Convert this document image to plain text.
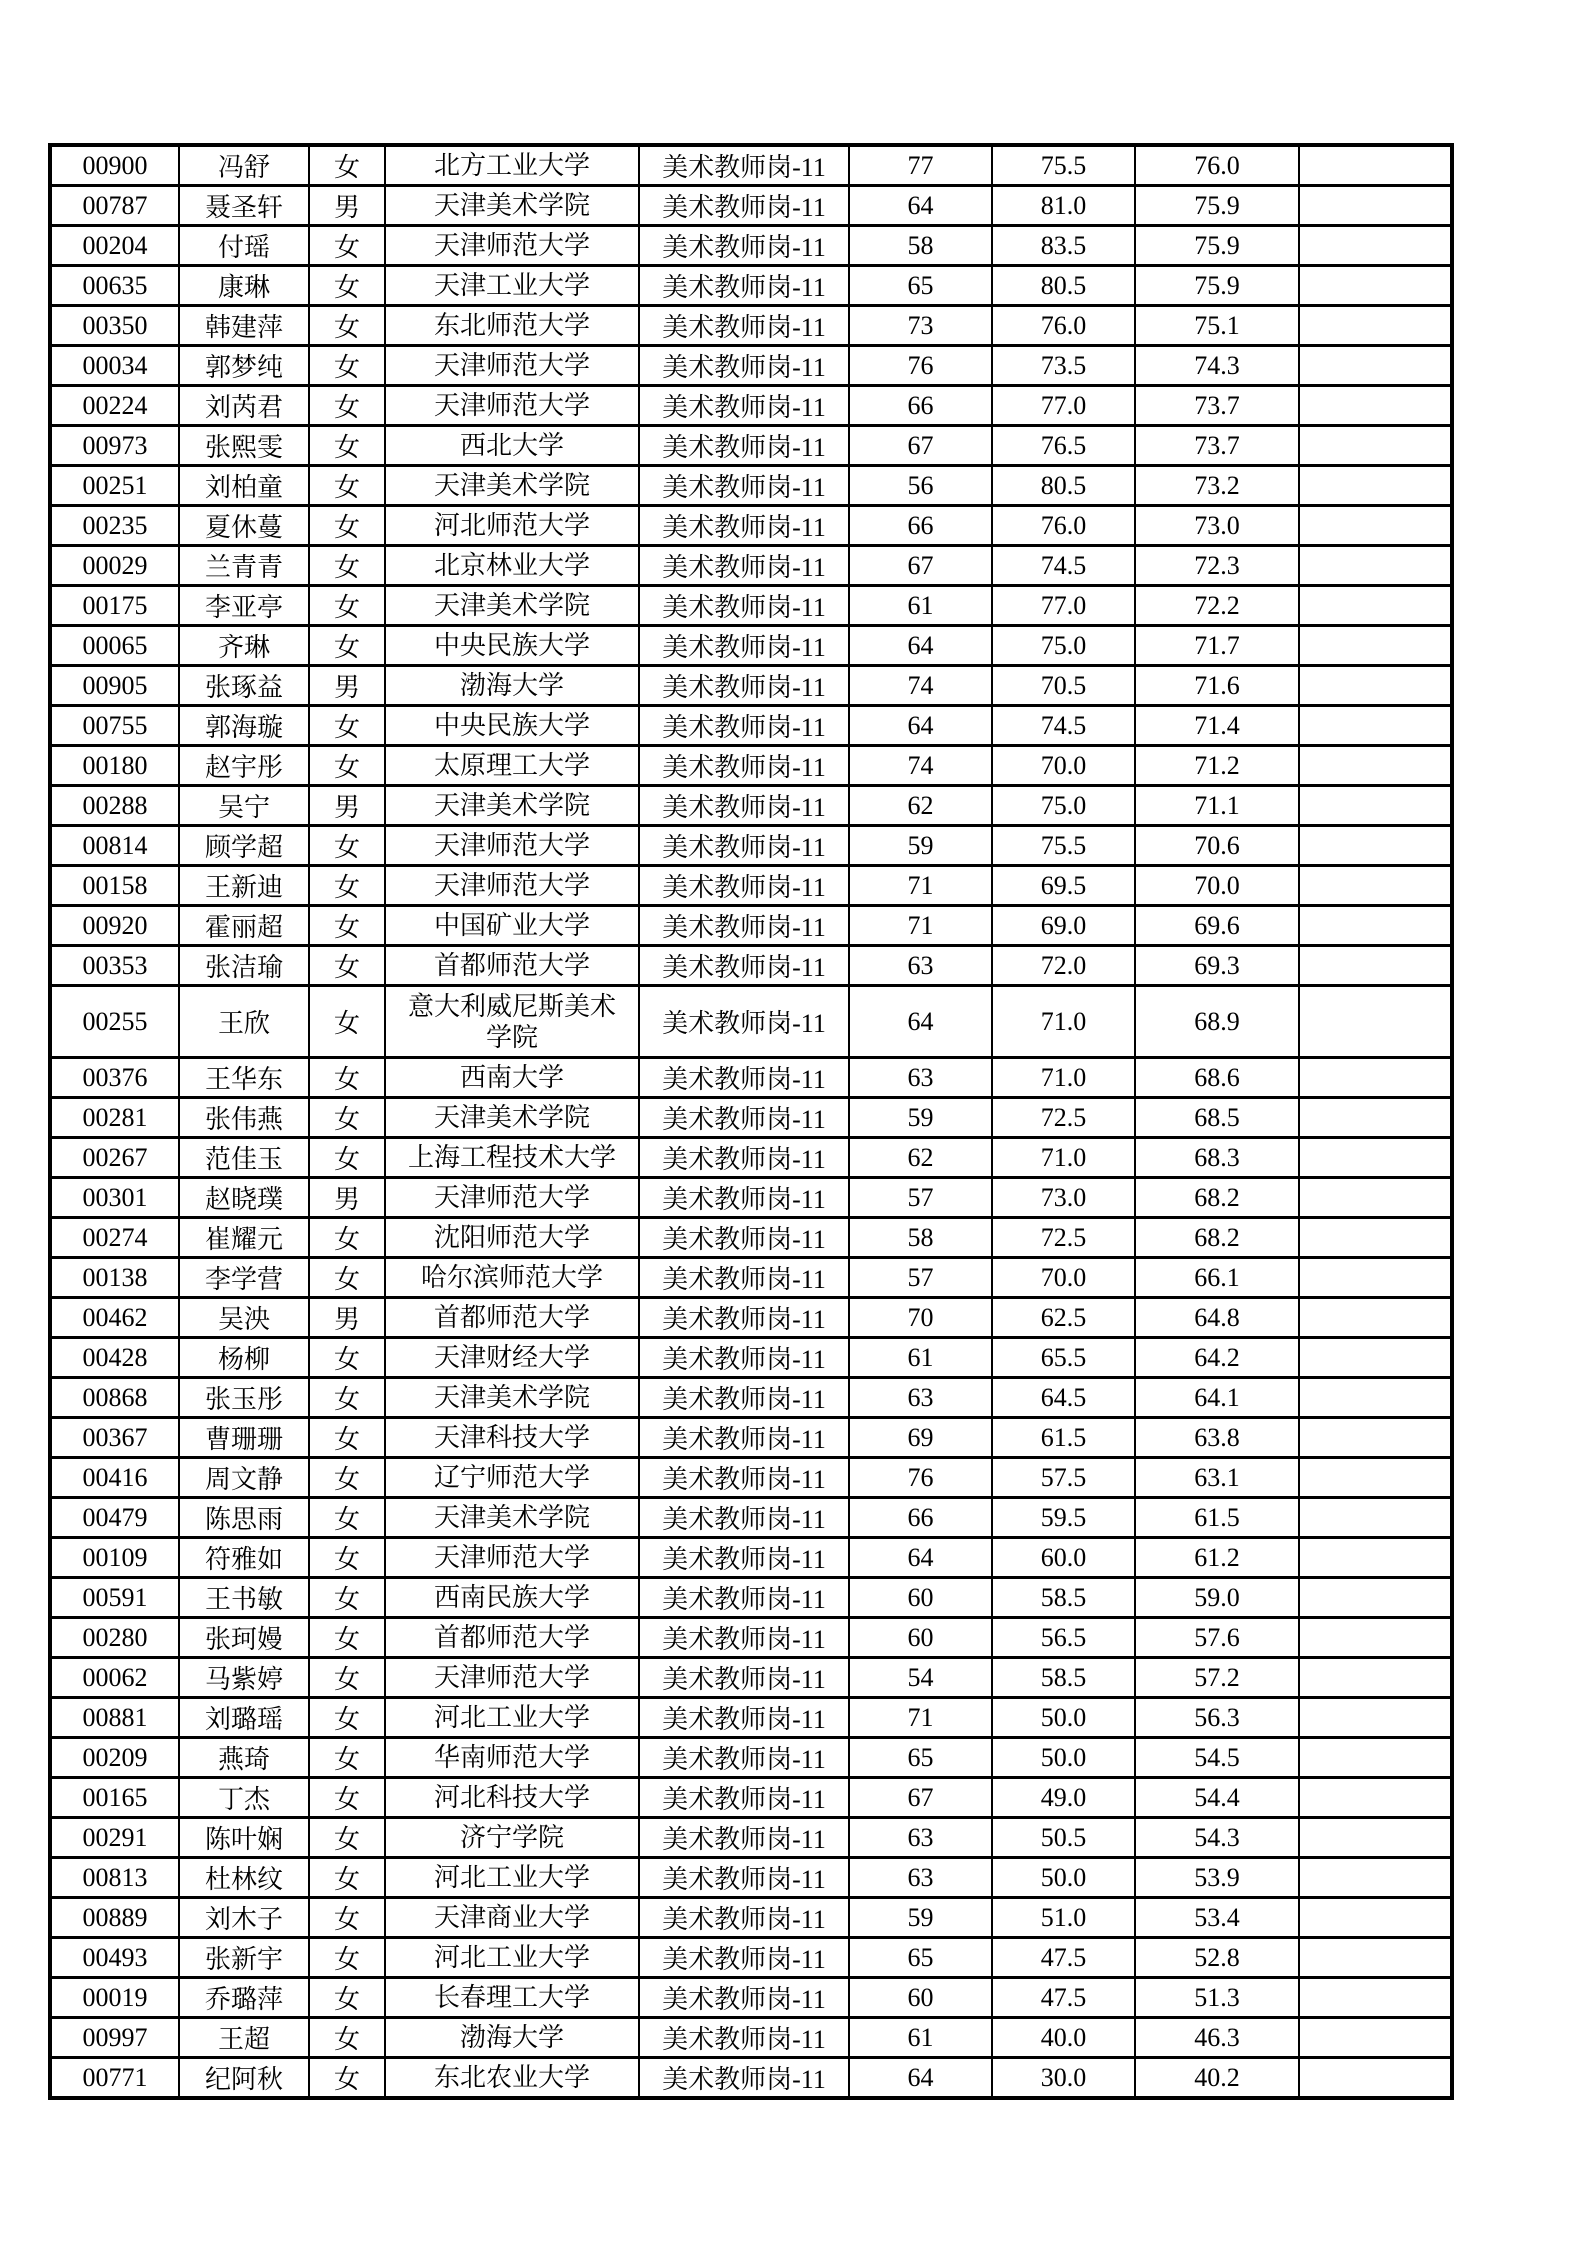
00900	冯舒	女	北方工业大学	美术教师岗-11	77	75.5	76.0	
00787	聂圣轩	男	天津美术学院	美术教师岗-11	64	81.0	75.9	
00204	付瑶	女	天津师范大学	美术教师岗-11	58	83.5	75.9	
00635	康琳	女	天津工业大学	美术教师岗-11	65	80.5	75.9	
00350	韩建萍	女	东北师范大学	美术教师岗-11	73	76.0	75.1	
00034	郭梦纯	女	天津师范大学	美术教师岗-11	76	73.5	74.3	
00224	刘芮君	女	天津师范大学	美术教师岗-11	66	77.0	73.7	
00973	张熙雯	女	西北大学	美术教师岗-11	67	76.5	73.7	
00251	刘柏童	女	天津美术学院	美术教师岗-11	56	80.5	73.2	
00235	夏休蔓	女	河北师范大学	美术教师岗-11	66	76.0	73.0	
00029	兰青青	女	北京林业大学	美术教师岗-11	67	74.5	72.3	
00175	李亚亭	女	天津美术学院	美术教师岗-11	61	77.0	72.2	
00065	齐琳	女	中央民族大学	美术教师岗-11	64	75.0	71.7	
00905	张琢益	男	渤海大学	美术教师岗-11	74	70.5	71.6	
00755	郭海璇	女	中央民族大学	美术教师岗-11	64	74.5	71.4	
00180	赵宇彤	女	太原理工大学	美术教师岗-11	74	70.0	71.2	
00288	吴宁	男	天津美术学院	美术教师岗-11	62	75.0	71.1	
00814	顾学超	女	天津师范大学	美术教师岗-11	59	75.5	70.6	
00158	王新迪	女	天津师范大学	美术教师岗-11	71	69.5	70.0	
00920	霍丽超	女	中国矿业大学	美术教师岗-11	71	69.0	69.6	
00353	张洁瑜	女	首都师范大学	美术教师岗-11	63	72.0	69.3	
00255	王欣	女	意大利威尼斯美术学院	美术教师岗-11	64	71.0	68.9	
00376	王华东	女	西南大学	美术教师岗-11	63	71.0	68.6	
00281	张伟燕	女	天津美术学院	美术教师岗-11	59	72.5	68.5	
00267	范佳玉	女	上海工程技术大学	美术教师岗-11	62	71.0	68.3	
00301	赵晓璞	男	天津师范大学	美术教师岗-11	57	73.0	68.2	
00274	崔耀元	女	沈阳师范大学	美术教师岗-11	58	72.5	68.2	
00138	李学营	女	哈尔滨师范大学	美术教师岗-11	57	70.0	66.1	
00462	吴泱	男	首都师范大学	美术教师岗-11	70	62.5	64.8	
00428	杨柳	女	天津财经大学	美术教师岗-11	61	65.5	64.2	
00868	张玉彤	女	天津美术学院	美术教师岗-11	63	64.5	64.1	
00367	曹珊珊	女	天津科技大学	美术教师岗-11	69	61.5	63.8	
00416	周文静	女	辽宁师范大学	美术教师岗-11	76	57.5	63.1	
00479	陈思雨	女	天津美术学院	美术教师岗-11	66	59.5	61.5	
00109	符雅如	女	天津师范大学	美术教师岗-11	64	60.0	61.2	
00591	王书敏	女	西南民族大学	美术教师岗-11	60	58.5	59.0	
00280	张珂嫚	女	首都师范大学	美术教师岗-11	60	56.5	57.6	
00062	马紫婷	女	天津师范大学	美术教师岗-11	54	58.5	57.2	
00881	刘璐瑶	女	河北工业大学	美术教师岗-11	71	50.0	56.3	
00209	燕琦	女	华南师范大学	美术教师岗-11	65	50.0	54.5	
00165	丁杰	女	河北科技大学	美术教师岗-11	67	49.0	54.4	
00291	陈叶娴	女	济宁学院	美术教师岗-11	63	50.5	54.3	
00813	杜林纹	女	河北工业大学	美术教师岗-11	63	50.0	53.9	
00889	刘木子	女	天津商业大学	美术教师岗-11	59	51.0	53.4	
00493	张新宇	女	河北工业大学	美术教师岗-11	65	47.5	52.8	
00019	乔璐萍	女	长春理工大学	美术教师岗-11	60	47.5	51.3	
00997	王超	女	渤海大学	美术教师岗-11	61	40.0	46.3	
00771	纪阿秋	女	东北农业大学	美术教师岗-11	64	30.0	40.2	
